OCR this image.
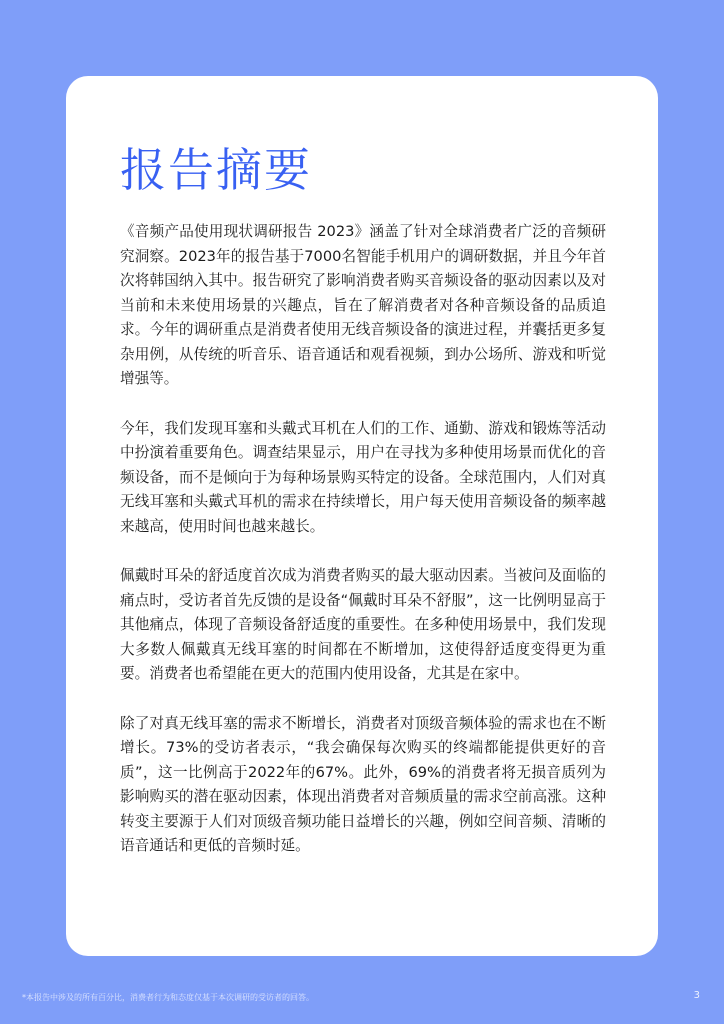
报告摘要

《音频产品使用现状调研报告 2023》涵盖了针对全球消费者广泛的音频研究洞察。2023年的报告基于7000名智能手机用户的调研数据，并且今年首次将韩国纳入其中。报告研究了影响消费者购买音频设备的驱动因素以及对当前和未来使用场景的兴趣点，旨在了解消费者对各种音频设备的品质追求。今年的调研重点是消费者使用无线音频设备的演进过程，并囊括更多复杂用例，从传统的听音乐、语音通话和观看视频，到办公场所、游戏和听觉增强等。

今年，我们发现耳塞和头戴式耳机在人们的工作、通勤、游戏和锻炼等活动中扮演着重要角色。调查结果显示，用户在寻找为多种使用场景而优化的音频设备，而不是倾向于为每种场景购买特定的设备。全球范围内，人们对真无线耳塞和头戴式耳机的需求在持续增长，用户每天使用音频设备的频率越来越高，使用时间也越来越长。

佩戴时耳朵的舒适度首次成为消费者购买的最大驱动因素。当被问及面临的痛点时，受访者首先反馈的是设备“佩戴时耳朵不舒服”，这一比例明显高于其他痛点，体现了音频设备舒适度的重要性。在多种使用场景中，我们发现大多数人佩戴真无线耳塞的时间都在不断增加，这使得舒适度变得更为重要。消费者也希望能在更大的范围内使用设备，尤其是在家中。

除了对真无线耳塞的需求不断增长，消费者对顶级音频体验的需求也在不断增长。73%的受访者表示，“我会确保每次购买的终端都能提供更好的音质”，这一比例高于2022年的67%。此外，69%的消费者将无损音质列为影响购买的潜在驱动因素，体现出消费者对音频质量的需求空前高涨。这种转变主要源于人们对顶级音频功能日益增长的兴趣，例如空间音频、清晰的语音通话和更低的音频时延。

*本报告中涉及的所有百分比，消费者行为和态度仅基于本次调研的受访者的回答。	3
